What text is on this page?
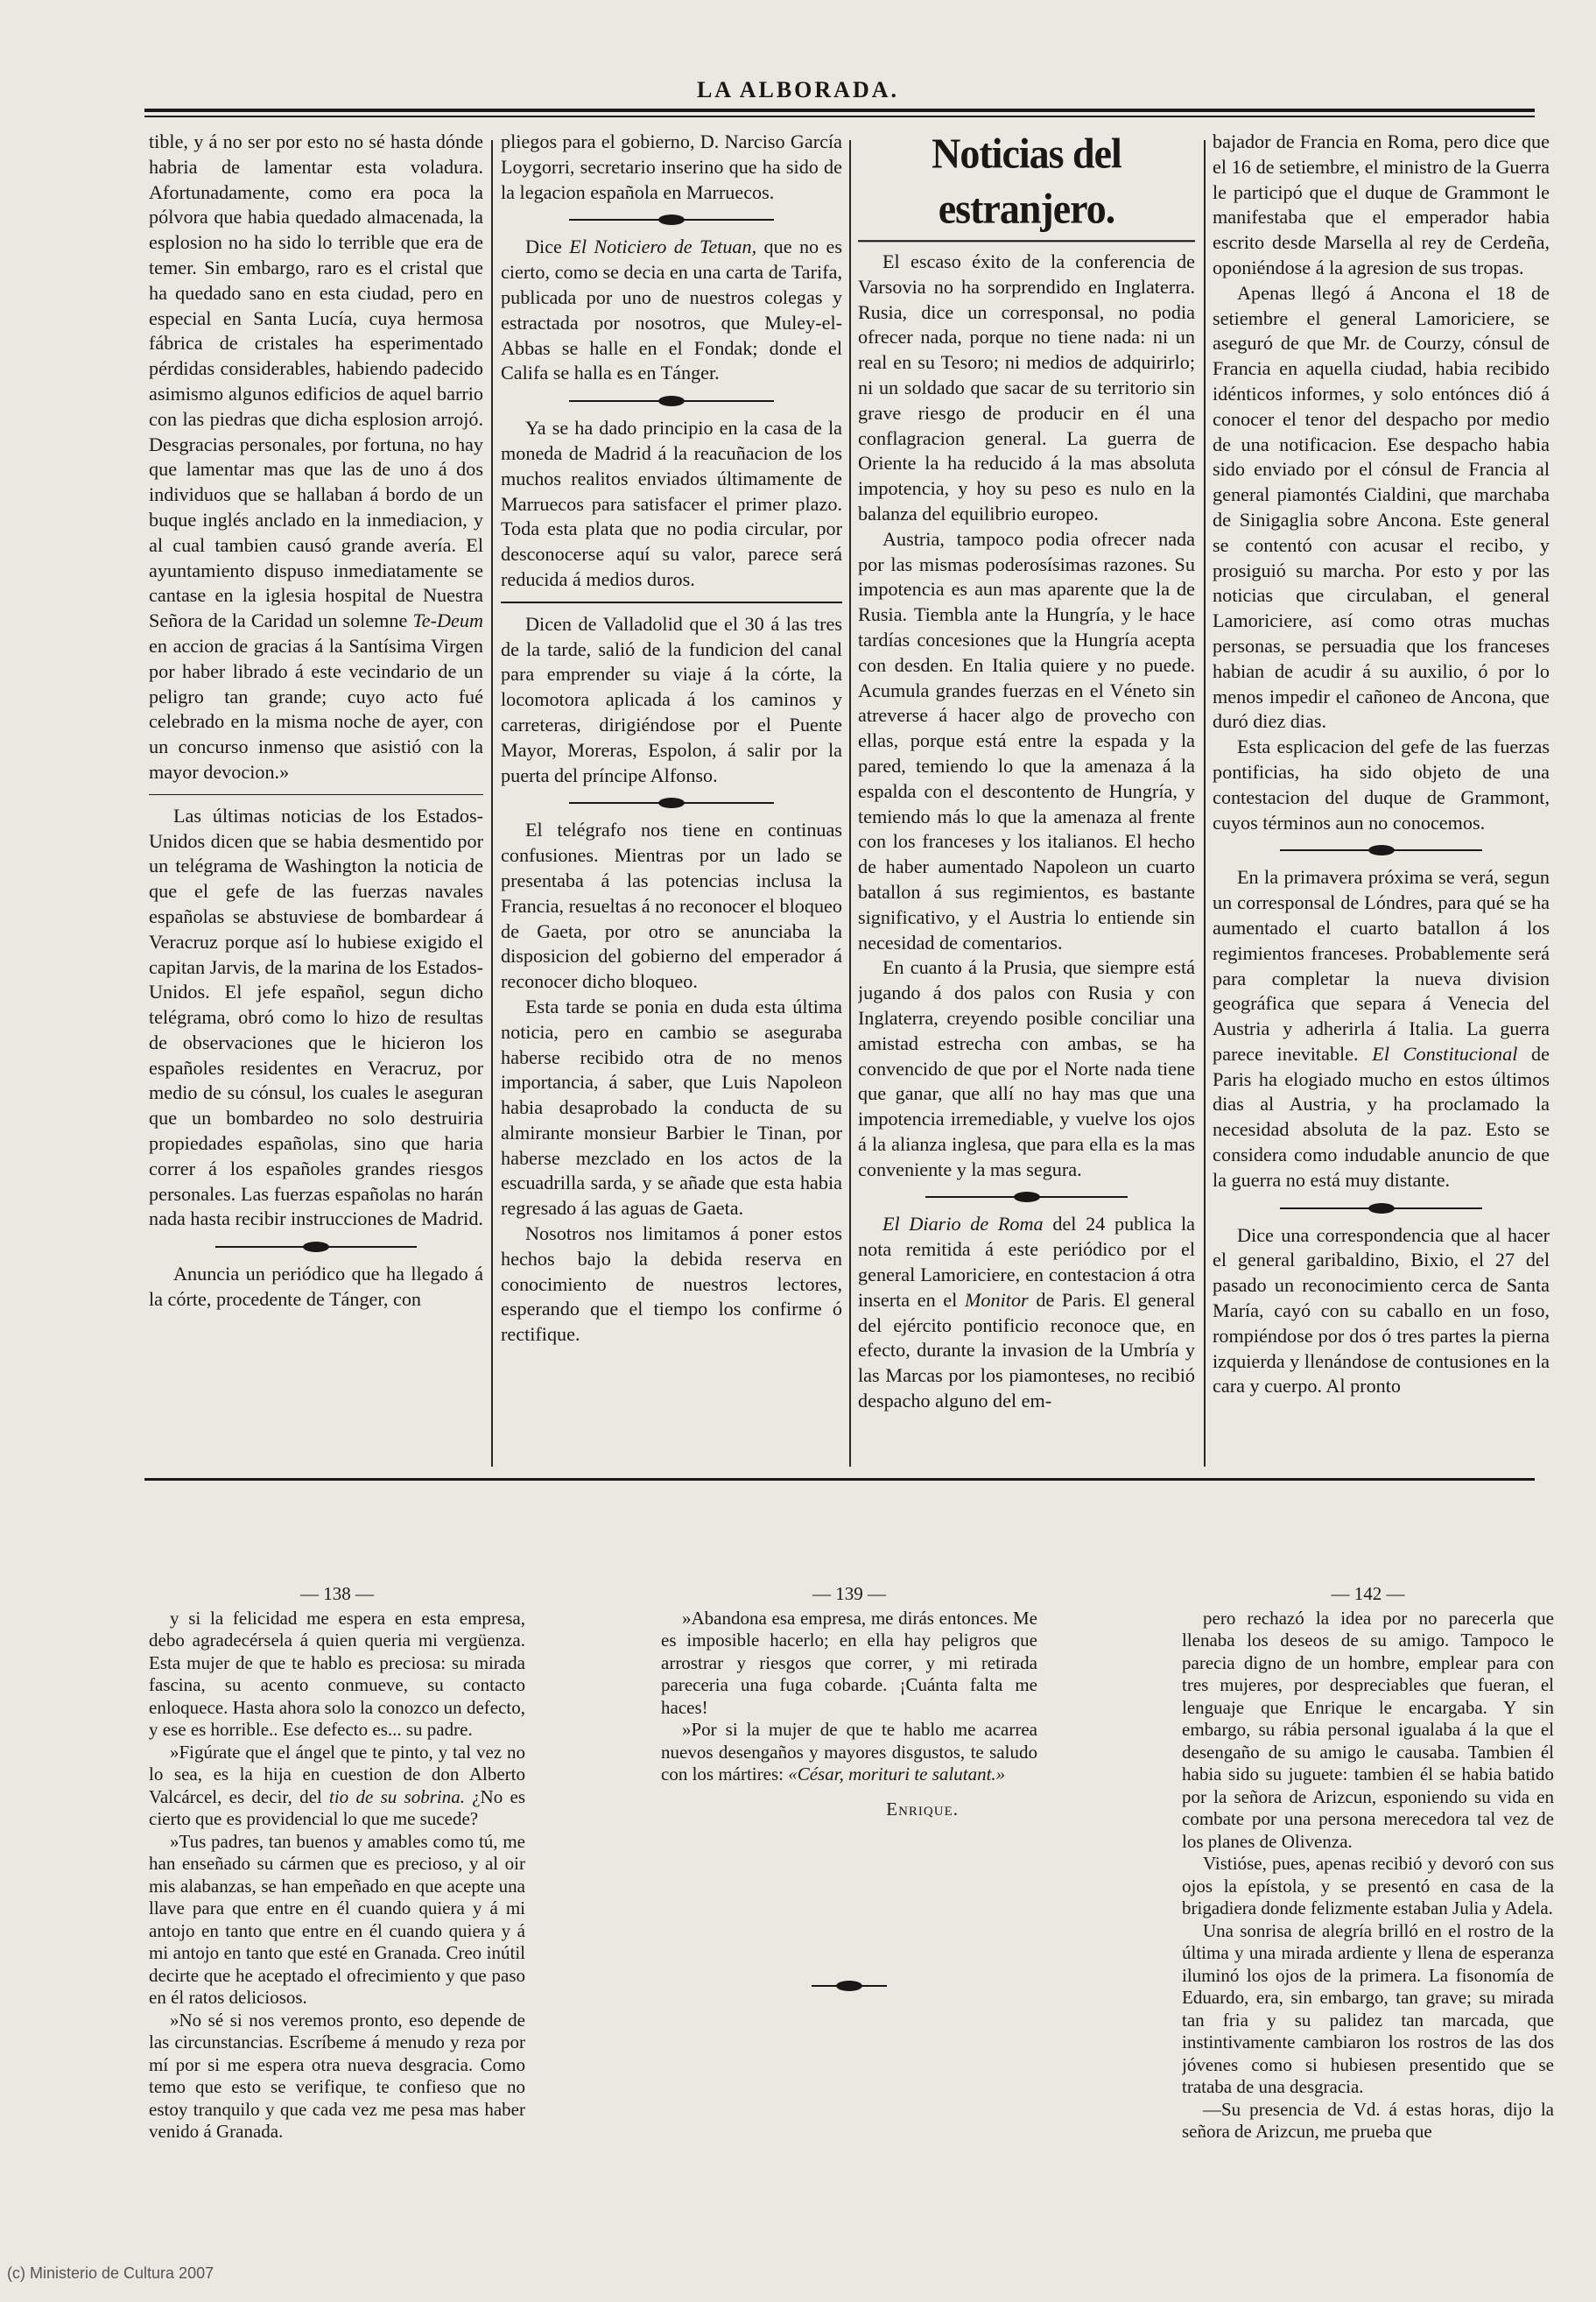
LA ALBORADA.

tible, y á no ser por esto no sé hasta dónde habria de lamentar esta voladura. Afortunadamente, como era poca la pólvora que habia quedado almacenada, la esplosion no ha sido lo terrible que era de temer. Sin embargo, raro es el cristal que ha quedado sano en esta ciudad, pero en especial en Santa Lucía, cuya hermosa fábrica de cristales ha esperimentado pérdidas considerables, habiendo padecido asimismo algunos edificios de aquel barrio con las piedras que dicha esplosion arrojó. Desgracias personales, por fortuna, no hay que lamentar mas que las de uno á dos individuos que se hallaban á bordo de un buque inglés anclado en la inmediacion, y al cual tambien causó grande avería. El ayuntamiento dispuso inmediatamente se cantase en la iglesia hospital de Nuestra Señora de la Caridad un solemne Te-Deum en accion de gracias á la Santísima Virgen por haber librado á este vecindario de un peligro tan grande; cuyo acto fué celebrado en la misma noche de ayer, con un concurso inmenso que asistió con la mayor devocion.»

Las últimas noticias de los Estados-Unidos dicen que se habia desmentido por un telégrama de Washington la noticia de que el gefe de las fuerzas navales españolas se abstuviese de bombardear á Veracruz porque así lo hubiese exigido el capitan Jarvis, de la marina de los Estados-Unidos. El jefe español, segun dicho telégrama, obró como lo hizo de resultas de observaciones que le hicieron los españoles residentes en Veracruz, por medio de su cónsul, los cuales le aseguran que un bombardeo no solo destruiria propiedades españolas, sino que haria correr á los españoles grandes riesgos personales. Las fuerzas españolas no harán nada hasta recibir instrucciones de Madrid.

Anuncia un periódico que ha llegado á la córte, procedente de Tánger, con

pliegos para el gobierno, D. Narciso García Loygorri, secretario inserino que ha sido de la legacion española en Marruecos.

Dice El Noticiero de Tetuan, que no es cierto, como se decia en una carta de Tarifa, publicada por uno de nuestros colegas y estractada por nosotros, que Muley-el-Abbas se halle en el Fondak; donde el Califa se halla es en Tánger.

Ya se ha dado principio en la casa de la moneda de Madrid á la reacuñacion de los muchos realitos enviados últimamente de Marruecos para satisfacer el primer plazo. Toda esta plata que no podia circular, por desconocerse aquí su valor, parece será reducida á medios duros.

Dicen de Valladolid que el 30 á las tres de la tarde, salió de la fundicion del canal para emprender su viaje á la córte, la locomotora aplicada á los caminos y carreteras, dirigiéndose por el Puente Mayor, Moreras, Espolon, á salir por la puerta del príncipe Alfonso.

El telégrafo nos tiene en continuas confusiones. Mientras por un lado se presentaba á las potencias inclusa la Francia, resueltas á no reconocer el bloqueo de Gaeta, por otro se anunciaba la disposicion del gobierno del emperador á reconocer dicho bloqueo.

Esta tarde se ponia en duda esta última noticia, pero en cambio se aseguraba haberse recibido otra de no menos importancia, á saber, que Luis Napoleon habia desaprobado la conducta de su almirante monsieur Barbier le Tinan, por haberse mezclado en los actos de la escuadrilla sarda, y se añade que esta habia regresado á las aguas de Gaeta.

Nosotros nos limitamos á poner estos hechos bajo la debida reserva en conocimiento de nuestros lectores, esperando que el tiempo los confirme ó rectifique.

Noticias del estranjero.

El escaso éxito de la conferencia de Varsovia no ha sorprendido en Inglaterra. Rusia, dice un corresponsal, no podia ofrecer nada, porque no tiene nada: ni un real en su Tesoro; ni medios de adquirirlo; ni un soldado que sacar de su territorio sin grave riesgo de producir en él una conflagracion general. La guerra de Oriente la ha reducido á la mas absoluta impotencia, y hoy su peso es nulo en la balanza del equilibrio europeo.

Austria, tampoco podia ofrecer nada por las mismas poderosísimas razones. Su impotencia es aun mas aparente que la de Rusia. Tiembla ante la Hungría, y le hace tardías concesiones que la Hungría acepta con desden. En Italia quiere y no puede. Acumula grandes fuerzas en el Véneto sin atreverse á hacer algo de provecho con ellas, porque está entre la espada y la pared, temiendo lo que la amenaza á la espalda con el descontento de Hungría, y temiendo más lo que la amenaza al frente con los franceses y los italianos. El hecho de haber aumentado Napoleon un cuarto batallon á sus regimientos, es bastante significativo, y el Austria lo entiende sin necesidad de comentarios.

En cuanto á la Prusia, que siempre está jugando á dos palos con Rusia y con Inglaterra, creyendo posible conciliar una amistad estrecha con ambas, se ha convencido de que por el Norte nada tiene que ganar, que allí no hay mas que una impotencia irremediable, y vuelve los ojos á la alianza inglesa, que para ella es la mas conveniente y la mas segura.

El Diario de Roma del 24 publica la nota remitida á este periódico por el general Lamoriciere, en contestacion á otra inserta en el Monitor de Paris. El general del ejército pontificio reconoce que, en efecto, durante la invasion de la Umbría y las Marcas por los piamonteses, no recibió despacho alguno del em-

bajador de Francia en Roma, pero dice que el 16 de setiembre, el ministro de la Guerra le participó que el duque de Grammont le manifestaba que el emperador habia escrito desde Marsella al rey de Cerdeña, oponiéndose á la agresion de sus tropas.

Apenas llegó á Ancona el 18 de setiembre el general Lamoriciere, se aseguró de que Mr. de Courzy, cónsul de Francia en aquella ciudad, habia recibido idénticos informes, y solo entónces dió á conocer el tenor del despacho por medio de una notificacion. Ese despacho habia sido enviado por el cónsul de Francia al general piamontés Cialdini, que marchaba de Sinigaglia sobre Ancona. Este general se contentó con acusar el recibo, y prosiguió su marcha. Por esto y por las noticias que circulaban, el general Lamoriciere, así como otras muchas personas, se persuadia que los franceses habian de acudir á su auxilio, ó por lo menos impedir el cañoneo de Ancona, que duró diez dias.

Esta esplicacion del gefe de las fuerzas pontificias, ha sido objeto de una contestacion del duque de Grammont, cuyos términos aun no conocemos.

En la primavera próxima se verá, segun un corresponsal de Lóndres, para qué se ha aumentado el cuarto batallon á los regimientos franceses. Probablemente será para completar la nueva division geográfica que separa á Venecia del Austria y adherirla á Italia. La guerra parece inevitable. El Constitucional de Paris ha elogiado mucho en estos últimos dias al Austria, y ha proclamado la necesidad absoluta de la paz. Esto se considera como indudable anuncio de que la guerra no está muy distante.

Dice una correspondencia que al hacer el general garibaldino, Bixio, el 27 del pasado un reconocimiento cerca de Santa María, cayó con su caballo en un foso, rompiéndose por dos ó tres partes la pierna izquierda y llenándose de contusiones en la cara y cuerpo. Al pronto

— 138 —

y si la felicidad me espera en esta empresa, debo agradecérsela á quien queria mi vergüenza. Esta mujer de que te hablo es preciosa: su mirada fascina, su acento conmueve, su contacto enloquece. Hasta ahora solo la conozco un defecto, y ese es horrible.. Ese defecto es... su padre.

»Figúrate que el ángel que te pinto, y tal vez no lo sea, es la hija en cuestion de don Alberto Valcárcel, es decir, del tio de su sobrina. ¿No es cierto que es providencial lo que me sucede?

»Tus padres, tan buenos y amables como tú, me han enseñado su cármen que es precioso, y al oir mis alabanzas, se han empeñado en que acepte una llave para que entre en él cuando quiera y á mi antojo en tanto que entre en él cuando quiera y á mi antojo en tanto que esté en Granada. Creo inútil decirte que he aceptado el ofrecimiento y que paso en él ratos deliciosos.

»No sé si nos veremos pronto, eso depende de las circunstancias. Escríbeme á menudo y reza por mí por si me espera otra nueva desgracia. Como temo que esto se verifique, te confieso que no estoy tranquilo y que cada vez me pesa mas haber venido á Granada.

— 139 —

»Abandona esa empresa, me dirás entonces. Me es imposible hacerlo; en ella hay peligros que arrostrar y riesgos que correr, y mi retirada pareceria una fuga cobarde. ¡Cuánta falta me haces!

»Por si la mujer de que te hablo me acarrea nuevos desengaños y mayores disgustos, te saludo con los mártires: «César, morituri te salutant.»

Enrique.
— 142 —

pero rechazó la idea por no parecerla que llenaba los deseos de su amigo. Tampoco le parecia digno de un hombre, emplear para con tres mujeres, por despreciables que fueran, el lenguaje que Enrique le encargaba. Y sin embargo, su rábia personal igualaba á la que el desengaño de su amigo le causaba. Tambien él habia sido su juguete: tambien él se habia batido por la señora de Arizcun, esponiendo su vida en combate por una persona merecedora tal vez de los planes de Olivenza.

Vistióse, pues, apenas recibió y devoró con sus ojos la epístola, y se presentó en casa de la brigadiera donde felizmente estaban Julia y Adela.

Una sonrisa de alegría brilló en el rostro de la última y una mirada ardiente y llena de esperanza iluminó los ojos de la primera. La fisonomía de Eduardo, era, sin embargo, tan grave; su mirada tan fria y su palidez tan marcada, que instintivamente cambiaron los rostros de las dos jóvenes como si hubiesen presentido que se trataba de una desgracia.

—Su presencia de Vd. á estas horas, dijo la señora de Arizcun, me prueba que

(c) Ministerio de Cultura 2007
